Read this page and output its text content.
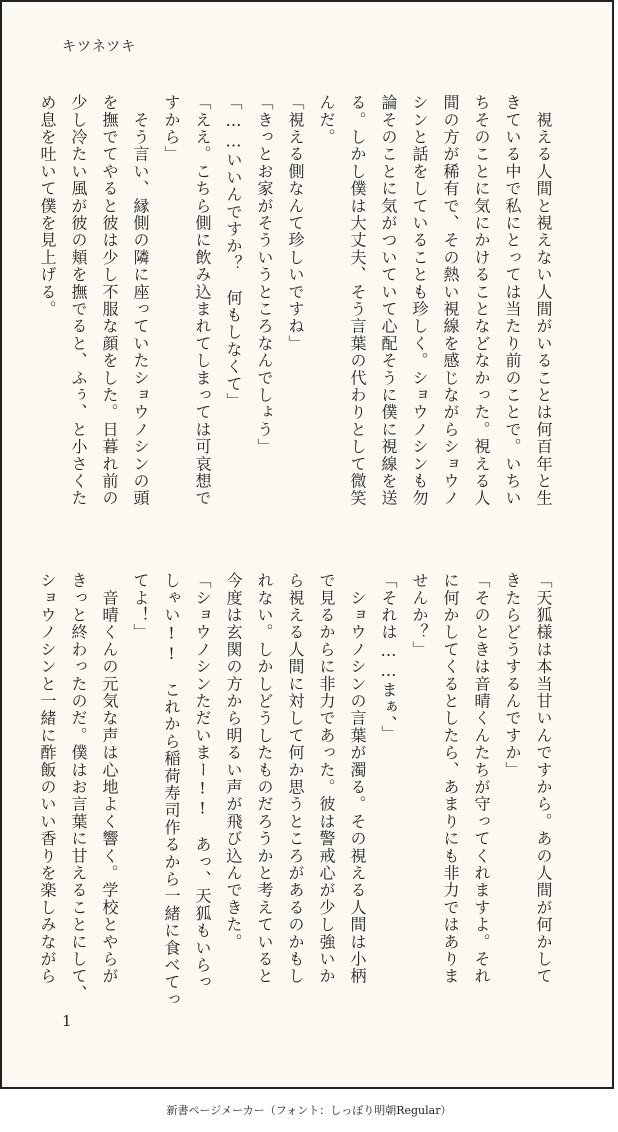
キツネツキ
　視える人間と視えない人間がいることは何百年と生
きている中で私にとっては当たり前のことで。いちい
ちそのことに気にかけることなどなかった。視える人
間の方が稀有で、その熱い視線を感じながらショウノ
シンと話をしていることも珍しく。ショウノシンも勿
論そのことに気がついていて心配そうに僕に視線を送
る。しかし僕は大丈夫、そう言葉の代わりとして微笑
んだ。
「視える側なんて珍しいですね」
「きっとお家がそういうところなんでしょう」
「……いいんですか？　何もしなくて」
「ええ。こちら側に飲み込まれてしまっては可哀想で
すから」
　そう言い、縁側の隣に座っていたショウノシンの頭
を撫でてやると彼は少し不服な顔をした。日暮れ前の
少し冷たい風が彼の頬を撫でると、ふぅ、と小さくた
め息を吐いて僕を見上げる。
「天狐様は本当甘いんですから。あの人間が何かして
きたらどうするんですか」
「そのときは音晴くんたちが守ってくれますよ。それ
に何かしてくるとしたら、あまりにも非力ではありま
せんか？」
「それは……まぁ、」
　ショウノシンの言葉が濁る。その視える人間は小柄
で見るからに非力であった。彼は警戒心が少し強いか
ら視える人間に対して何か思うところがあるのかもし
れない。しかしどうしたものだろうかと考えていると
今度は玄関の方から明るい声が飛び込んできた。
「ショウノシンただいまー!!　あっ、天狐もいらっ
しゃい!!　これから稲荷寿司作るから一緒に食べてっ
てよ！」
　音晴くんの元気な声は心地よく響く。学校とやらが
きっと終わったのだ。僕はお言葉に甘えることにして、
ショウノシンと一緒に酢飯のいい香りを楽しみながら
1
新書ページメーカー（フォント：しっぽり明朝Regular）
